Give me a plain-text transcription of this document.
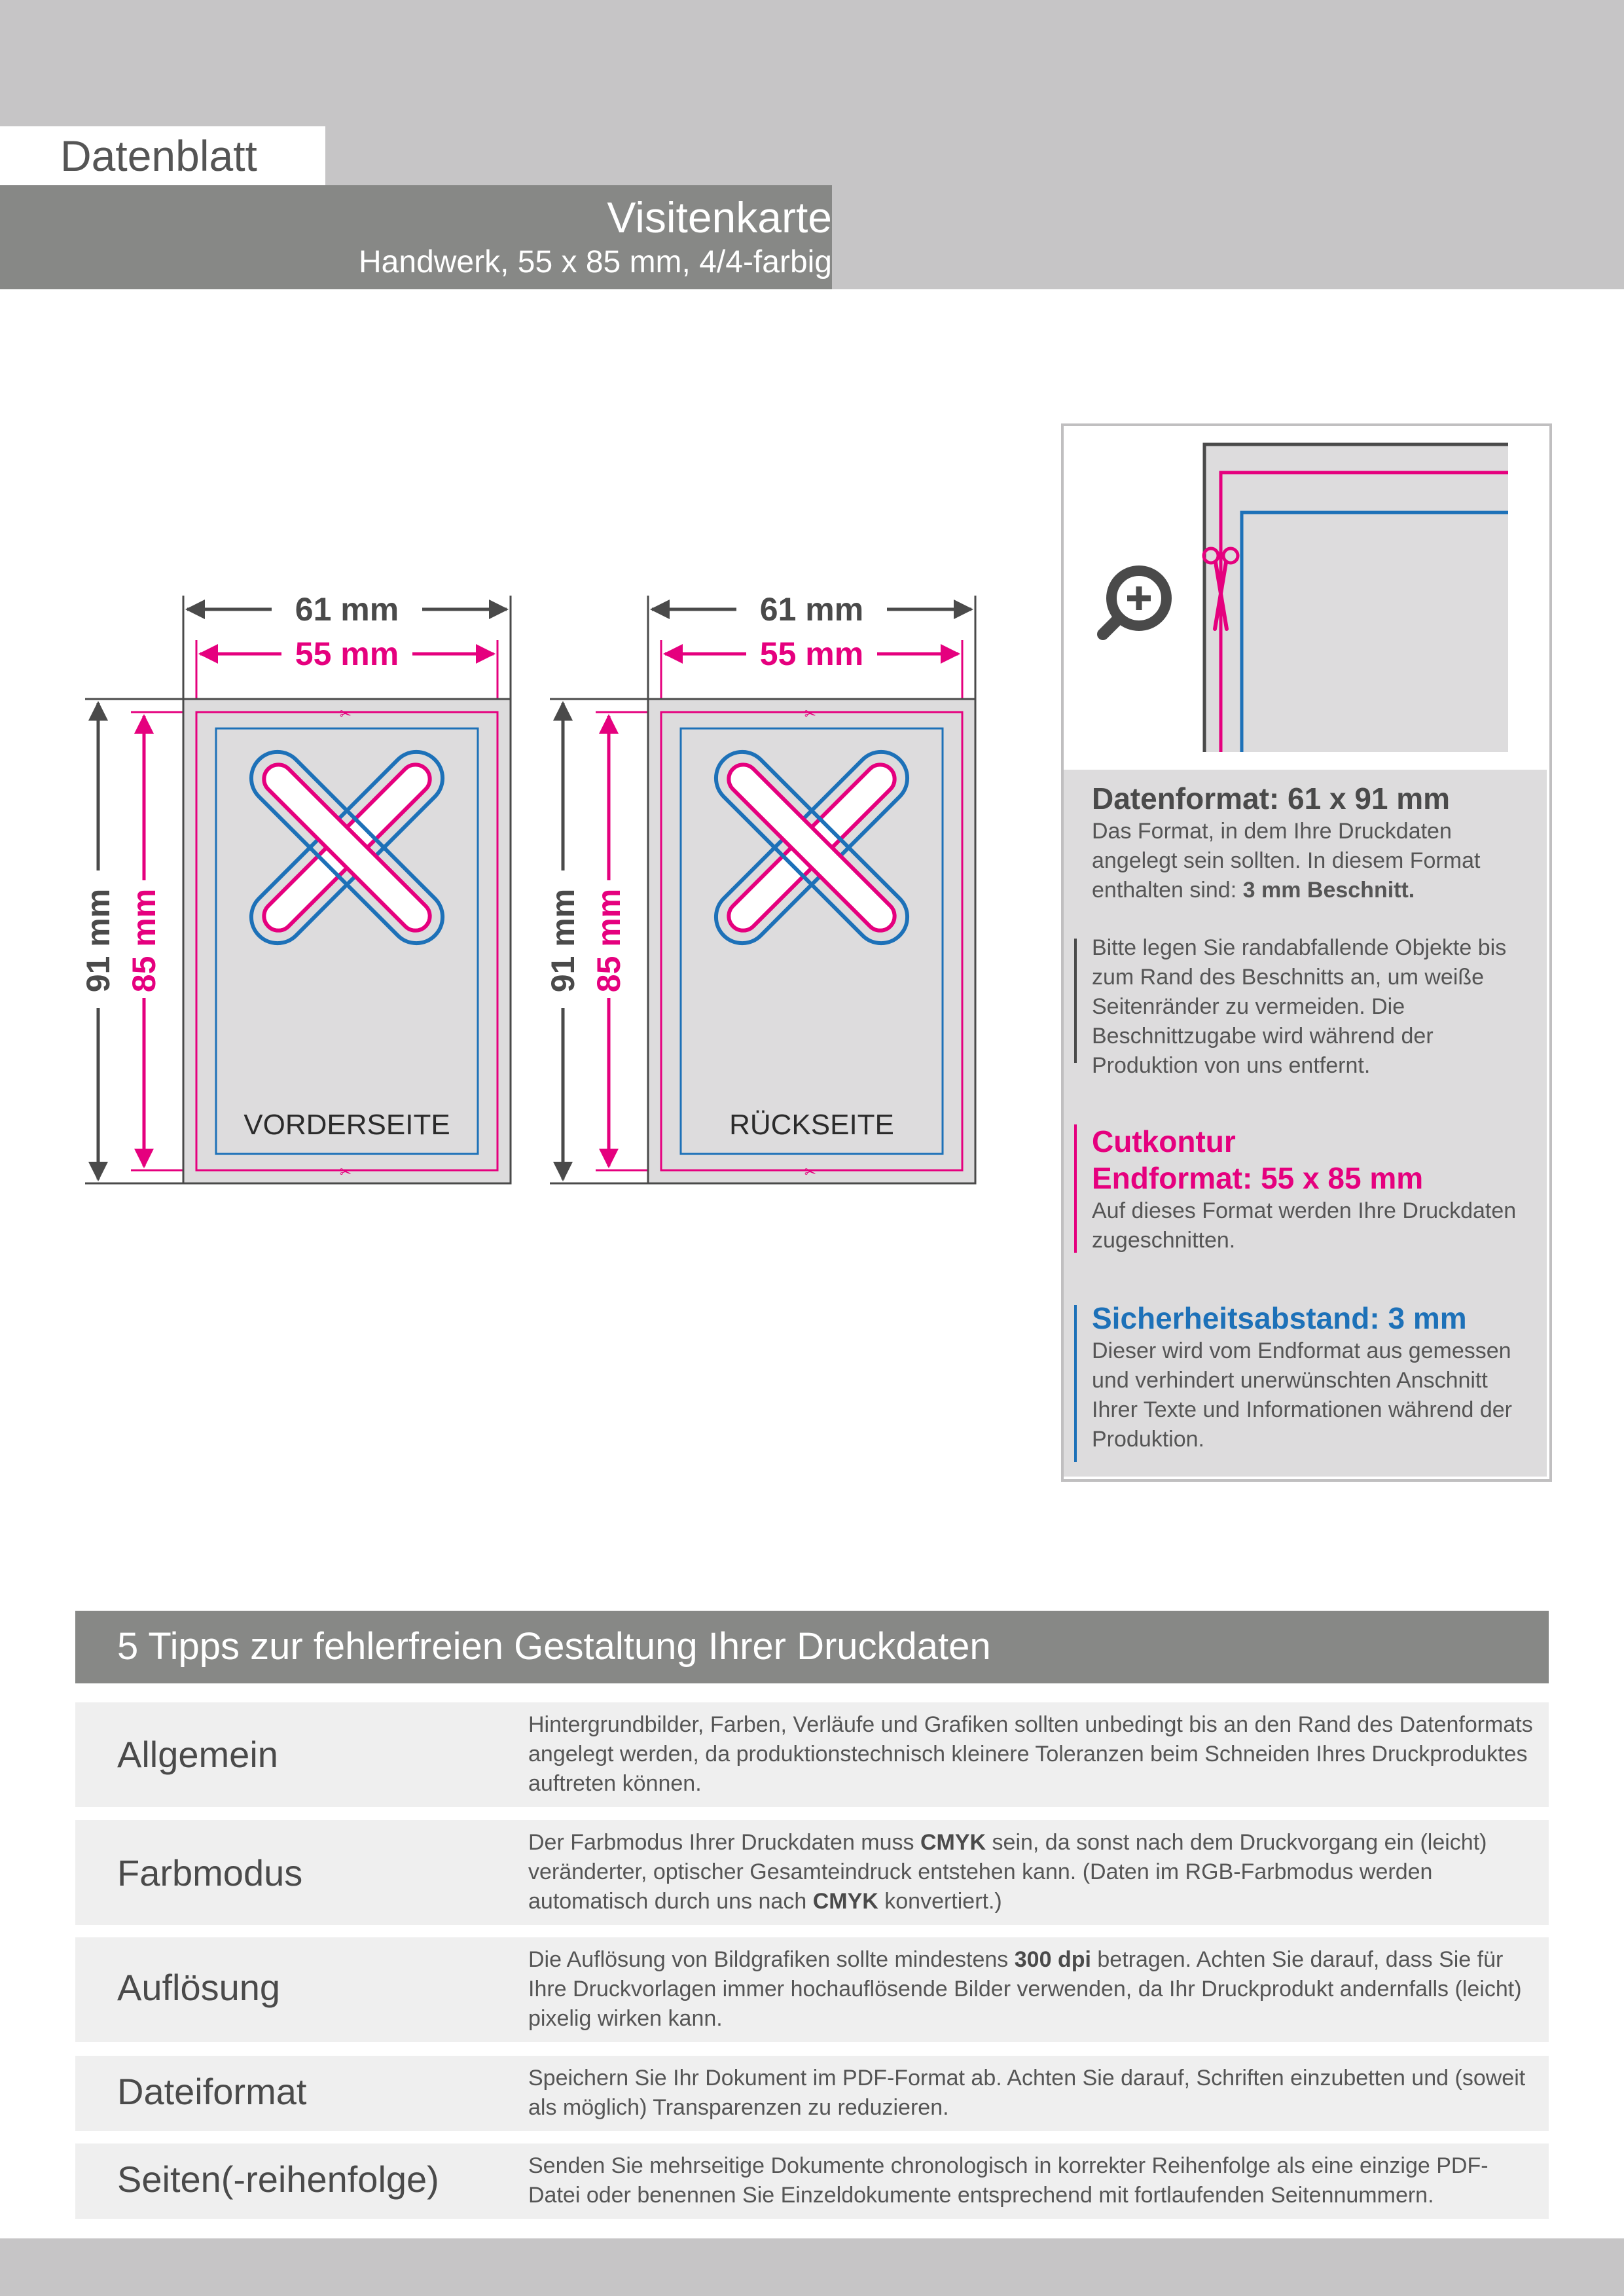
Datenblatt
Visitenkarte
Handwerk, 55 x 85 mm, 4/4-farbig
61 mm
55 mm
91 mm 85 mm
✂
✂
VORDERSEITE
61 mm
55 mm
91 mm 85 mm
✂
✂
RÜCKSEITE
Datenformat: 61 x 91 mm
Das Format, in dem Ihre Druckdaten angelegt sein sollten. In diesem Format enthalten sind: 3 mm Beschnitt.
Bitte legen Sie randabfallende Objekte bis zum Rand des Beschnitts an, um weiße Seitenränder zu vermeiden. Die Beschnittzugabe wird während der Produktion von uns entfernt.
Cutkontur
Endformat: 55 x 85 mm
Auf dieses Format werden Ihre Druckdaten zugeschnitten.
Sicherheitsabstand: 3 mm
Dieser wird vom Endformat aus gemessen und verhindert unerwünschten Anschnitt Ihrer Texte und Informationen während der Produktion.
5 Tipps zur fehlerfreien Gestaltung Ihrer Druckdaten
Allgemein
Hintergrundbilder, Farben, Verläufe und Grafiken sollten unbedingt bis an den Rand des Datenformats angelegt werden, da produktionstechnisch kleinere Toleranzen beim Schneiden Ihres Druckproduktes auftreten können.
Farbmodus
Der Farbmodus Ihrer Druckdaten muss CMYK sein, da sonst nach dem Druckvorgang ein (leicht) veränderter, optischer Gesamteindruck entstehen kann. (Daten im RGB-Farbmodus werden automatisch durch uns nach CMYK konvertiert.)
Auflösung
Die Auflösung von Bildgrafiken sollte mindestens 300 dpi betragen. Achten Sie darauf, dass Sie für Ihre Druckvorlagen immer hochauflösende Bilder verwenden, da Ihr Druckprodukt andernfalls (leicht) pixelig wirken kann.
Dateiformat	Speichern Sie Ihr Dokument im PDF-Format ab. Achten Sie darauf, Schriften einzubetten und (soweit als möglich) Transparenzen zu reduzieren.
Seiten(-reihenfolge)	Senden Sie mehrseitige Dokumente chronologisch in korrekter Reihenfolge als eine einzige PDF-Datei oder benennen Sie Einzeldokumente entsprechend mit fortlaufenden Seitennummern.
